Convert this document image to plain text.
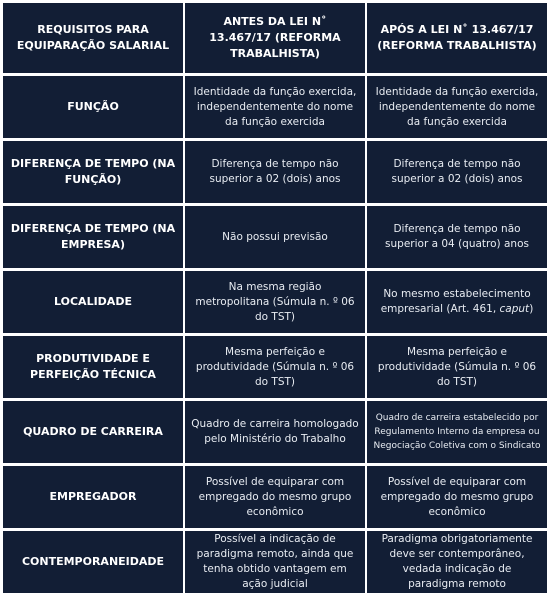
REQUISITOS PARA EQUIPARAÇÃO SALARIAL
ANTES DA LEI N˚ 13.467/17 (REFORMA TRABALHISTA)
APÓS A LEI N˚ 13.467/17 (REFORMA TRABALHISTA)
FUNÇÃO
Identidade da função exercida, independentemente do nome da função exercida
Identidade da função exercida, independentemente do nome da função exercida
DIFERENÇA DE TEMPO (NA FUNÇÃO)
Diferença de tempo não superior a 02 (dois) anos
Diferença de tempo não superior a 02 (dois) anos
DIFERENÇA DE TEMPO (NA EMPRESA)
Não possui previsão
Diferença de tempo não superior a 04 (quatro) anos
LOCALIDADE
Na mesma região metropolitana (Súmula n. º 06 do TST)
No mesmo estabelecimento empresarial (Art. 461, caput)
PRODUTIVIDADE E PERFEIÇÃO TÉCNICA
Mesma perfeição e produtividade (Súmula n. º 06 do TST)
Mesma perfeição e produtividade (Súmula n. º 06 do TST)
QUADRO DE CARREIRA
Quadro de carreira homologado pelo Ministério do Trabalho
Quadro de carreira estabelecido por Regulamento Interno da empresa ou Negociação Coletiva com o Sindicato
EMPREGADOR
Possível de equiparar com empregado do mesmo grupo econômico
Possível de equiparar com empregado do mesmo grupo econômico
CONTEMPORANEIDADE
Possível a indicação de paradigma remoto, ainda que tenha obtido vantagem em ação judicial
Paradigma obrigatoriamente deve ser contemporâneo, vedada indicação de paradigma remoto
